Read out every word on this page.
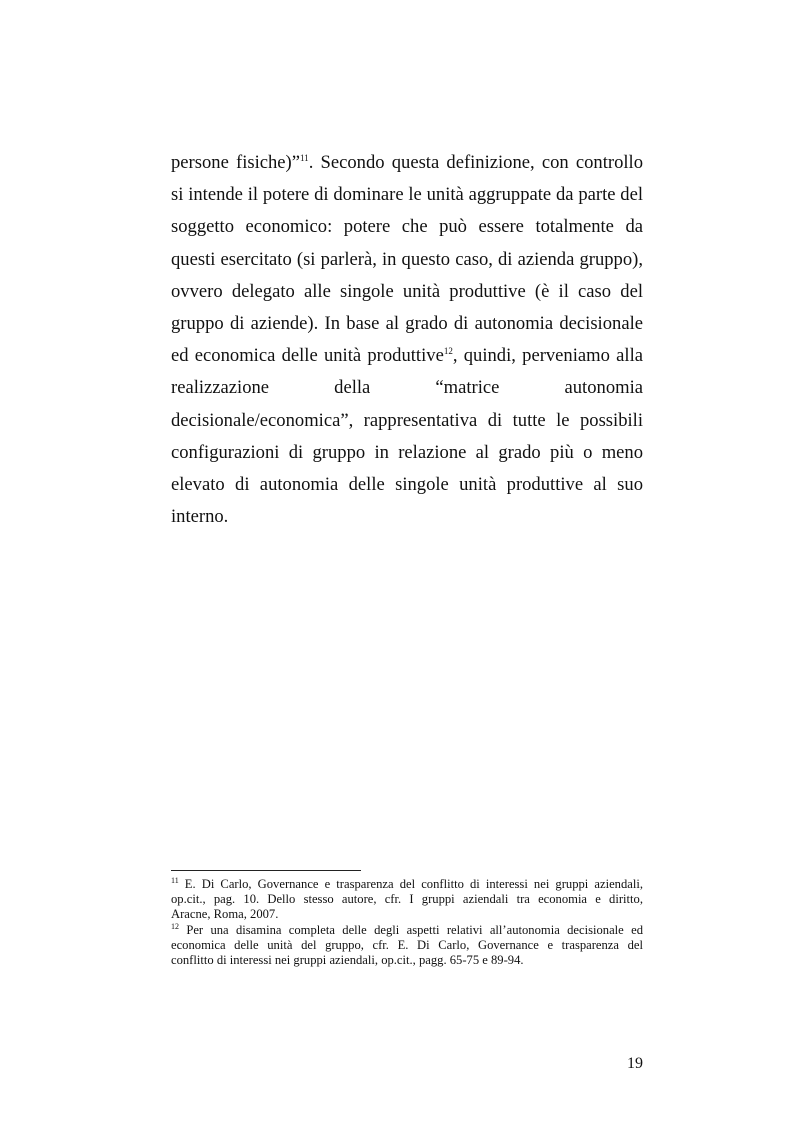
persone fisiche)”$^{11}$. Secondo questa definizione, con controllo
si intende il potere di dominare le unità aggruppate da parte del
soggetto economico: potere che può essere totalmente da
questi esercitato (si parlerà, in questo caso, di azienda gruppo),
ovvero delegato alle singole unità produttive (è il caso del
gruppo di aziende). In base al grado di autonomia decisionale
ed economica delle unità produttive$^{12}$, quindi, perveniamo alla
realizzazione della “matrice autonomia
decisionale/economica”, rappresentativa di tutte le possibili
configurazioni di gruppo in relazione al grado più o meno
elevato di autonomia delle singole unità produttive al suo
interno.
$^{11}$ E. Di Carlo, Governance e trasparenza del conflitto di interessi nei gruppi aziendali,
op.cit., pag. 10. Dello stesso autore, cfr. I gruppi aziendali tra economia e diritto,
Aracne, Roma, 2007.
$^{12}$ Per una disamina completa delle degli aspetti relativi all’autonomia decisionale ed
economica delle unità del gruppo, cfr. E. Di Carlo, Governance e trasparenza del
conflitto di interessi nei gruppi aziendali, op.cit., pagg. 65-75 e 89-94.
19
